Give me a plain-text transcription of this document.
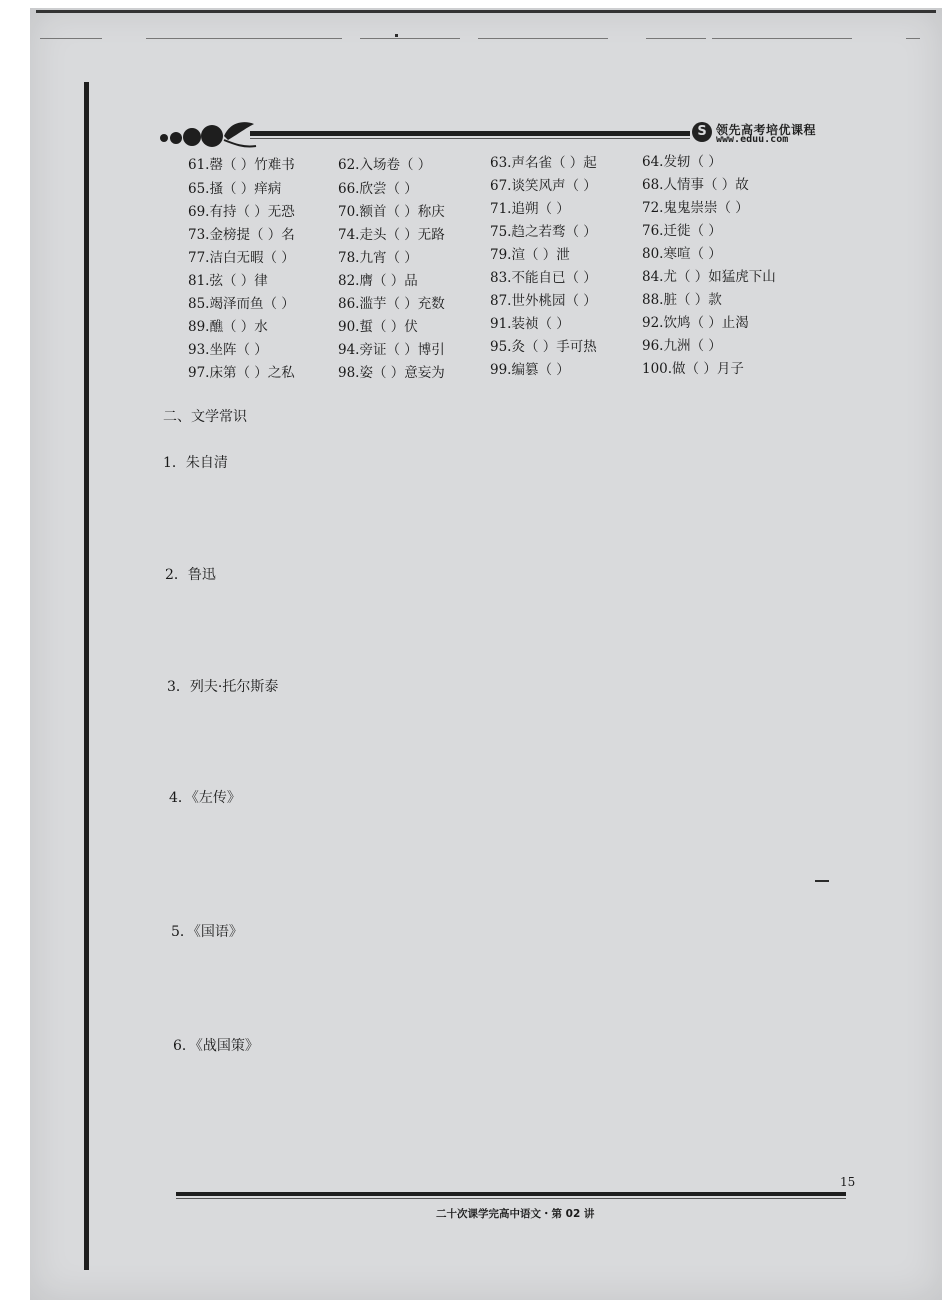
S 领先高考培优课程
www.eduu.com
61.罄（ ）竹难书	62.入场卷（ ）	63.声名雀（ ）起	64.发轫（ ）
65.搔（ ）痒病	66.欣尝（ ）	67.谈笑风声（ ）	68.人情事（ ）故
69.有持（ ）无恐	70.额首（ ）称庆	71.追朔（ ）	72.鬼鬼崇崇（ ）
73.金榜提（ ）名	74.走头（ ）无路	75.趋之若骛（ ）	76.迁徙（ ）
77.洁白无暇（ ）	78.九宵（ ）	79.渲（ ）泄	80.寒喧（ ）
81.弦（ ）律	82.膺（ ）品	83.不能自已（ ）	84.尤（ ）如猛虎下山
85.竭泽而鱼（ ）	86.滥芋（ ）充数	87.世外桃园（ ）	88.脏（ ）款
89.醮（ ）水	90.蜇（ ）伏	91.装祯（ ）	92.饮鸠（ ）止渴
93.坐阵（ ）	94.旁证（ ）博引	95.灸（ ）手可热	96.九洲（ ）
97.床第（ ）之私	98.姿（ ）意妄为	99.编篡（ ）	100.做（ ）月子
二、文学常识
1．朱自清
2．鲁迅
3．列夫·托尔斯泰
4．《左传》
5．《国语》
6．《战国策》
15
二十次课学完高中语文・第 02 讲
